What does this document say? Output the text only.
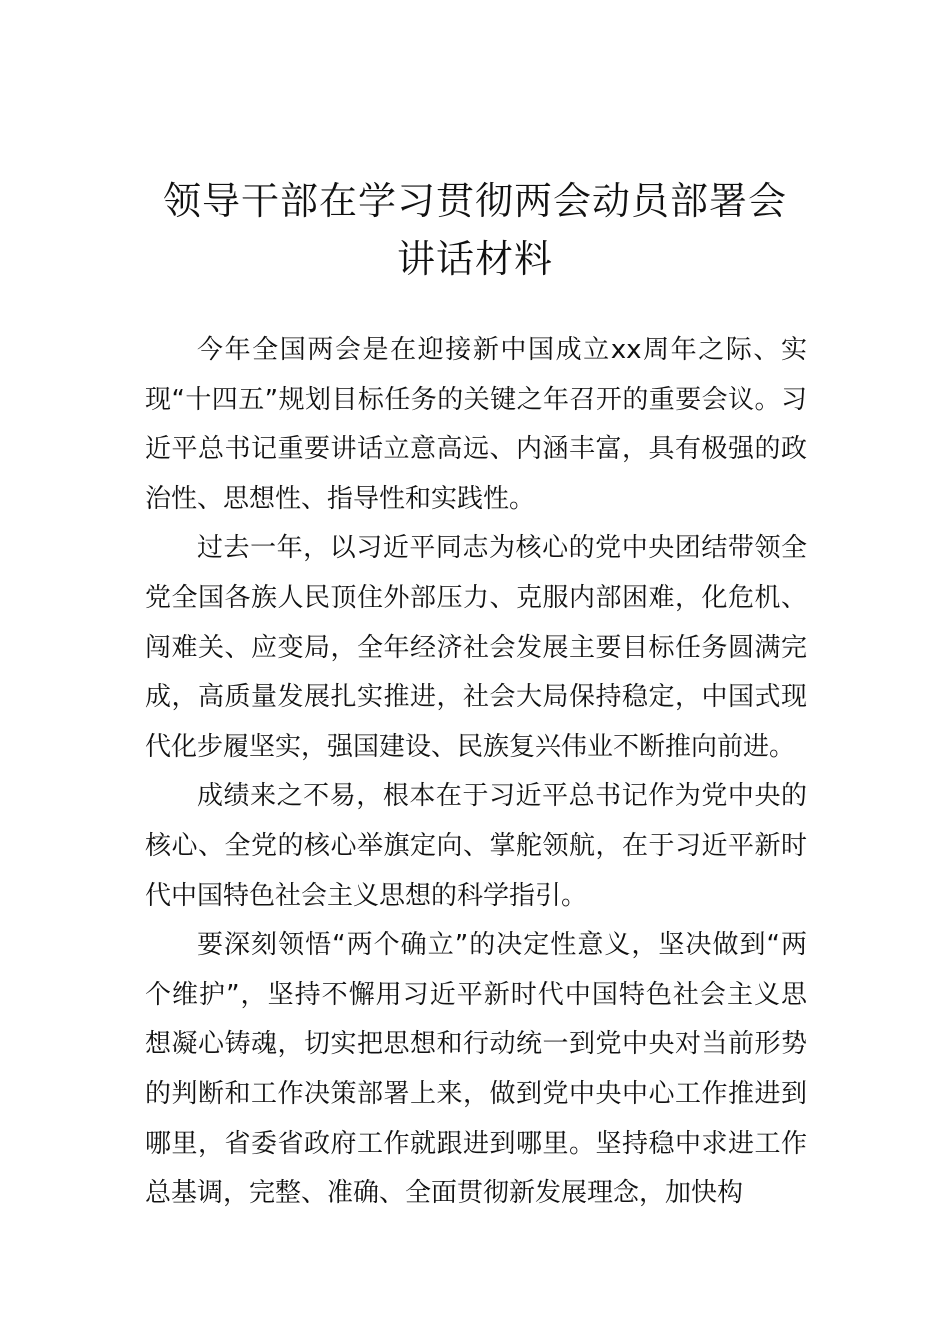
领导干部在学习贯彻两会动员部署会讲话材料

今年全国两会是在迎接新中国成立xx周年之际、实现“十四五”规划目标任务的关键之年召开的重要会议。习近平总书记重要讲话立意高远、内涵丰富，具有极强的政治性、思想性、指导性和实践性。

过去一年，以习近平同志为核心的党中央团结带领全党全国各族人民顶住外部压力、克服内部困难，化危机、闯难关、应变局，全年经济社会发展主要目标任务圆满完成，高质量发展扎实推进，社会大局保持稳定，中国式现代化步履坚实，强国建设、民族复兴伟业不断推向前进。

成绩来之不易，根本在于习近平总书记作为党中央的核心、全党的核心举旗定向、掌舵领航，在于习近平新时代中国特色社会主义思想的科学指引。

要深刻领悟“两个确立”的决定性意义，坚决做到“两个维护”，坚持不懈用习近平新时代中国特色社会主义思想凝心铸魂，切实把思想和行动统一到党中央对当前形势的判断和工作决策部署上来，做到党中央中心工作推进到哪里，省委省政府工作就跟进到哪里。坚持稳中求进工作总基调，完整、准确、全面贯彻新发展理念，加快构
